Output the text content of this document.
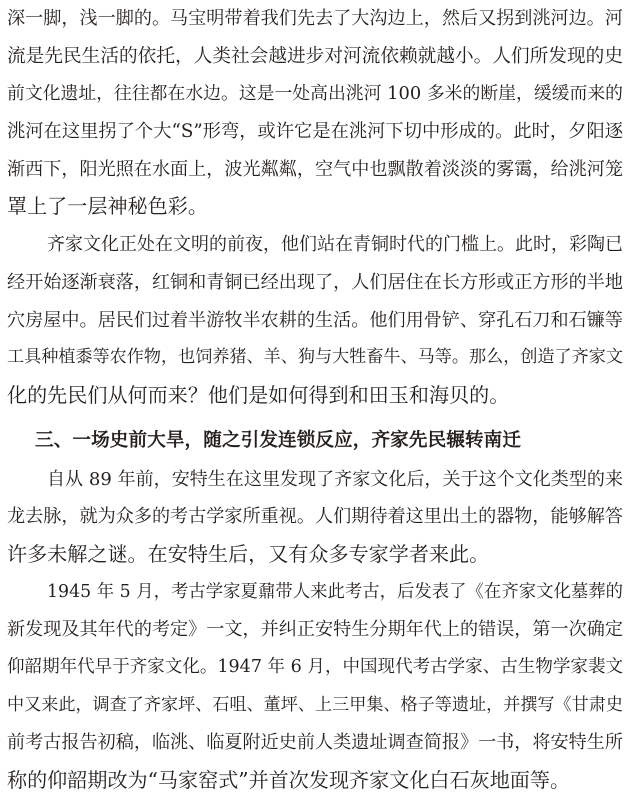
深一脚，浅一脚的。马宝明带着我们先去了大沟边上，然后又拐到洮河边。河
流是先民生活的依托，人类社会越进步对河流依赖就越小。人们所发现的史
前文化遗址，往往都在水边。这是一处高出洮河 100 多米的断崖，缓缓而来的
洮河在这里拐了个大“S”形弯，或许它是在洮河下切中形成的。此时，夕阳逐
渐西下，阳光照在水面上，波光粼粼，空气中也飘散着淡淡的雾霭，给洮河笼
罩上了一层神秘色彩。
齐家文化正处在文明的前夜，他们站在青铜时代的门槛上。此时，彩陶已
经开始逐渐衰落，红铜和青铜已经出现了，人们居住在长方形或正方形的半地
穴房屋中。居民们过着半游牧半农耕的生活。他们用骨铲、穿孔石刀和石镰等
工具种植黍等农作物，也饲养猪、羊、狗与大牲畜牛、马等。那么，创造了齐家文
化的先民们从何而来？他们是如何得到和田玉和海贝的。
三、一场史前大旱，随之引发连锁反应，齐家先民辗转南迁
自从 89 年前，安特生在这里发现了齐家文化后，关于这个文化类型的来
龙去脉，就为众多的考古学家所重视。人们期待着这里出土的器物，能够解答
许多未解之谜。在安特生后，又有众多专家学者来此。
1945 年 5 月，考古学家夏鼐带人来此考古，后发表了《在齐家文化墓葬的
新发现及其年代的考定》一文，并纠正安特生分期年代上的错误，第一次确定
仰韶期年代早于齐家文化。1947 年 6 月，中国现代考古学家、古生物学家裴文
中又来此，调查了齐家坪、石咀、董坪、上三甲集、格子等遗址，并撰写《甘肃史
前考古报告初稿，临洮、临夏附近史前人类遗址调查简报》一书，将安特生所
称的仰韶期改为“马家窑式”并首次发现齐家文化白石灰地面等。
